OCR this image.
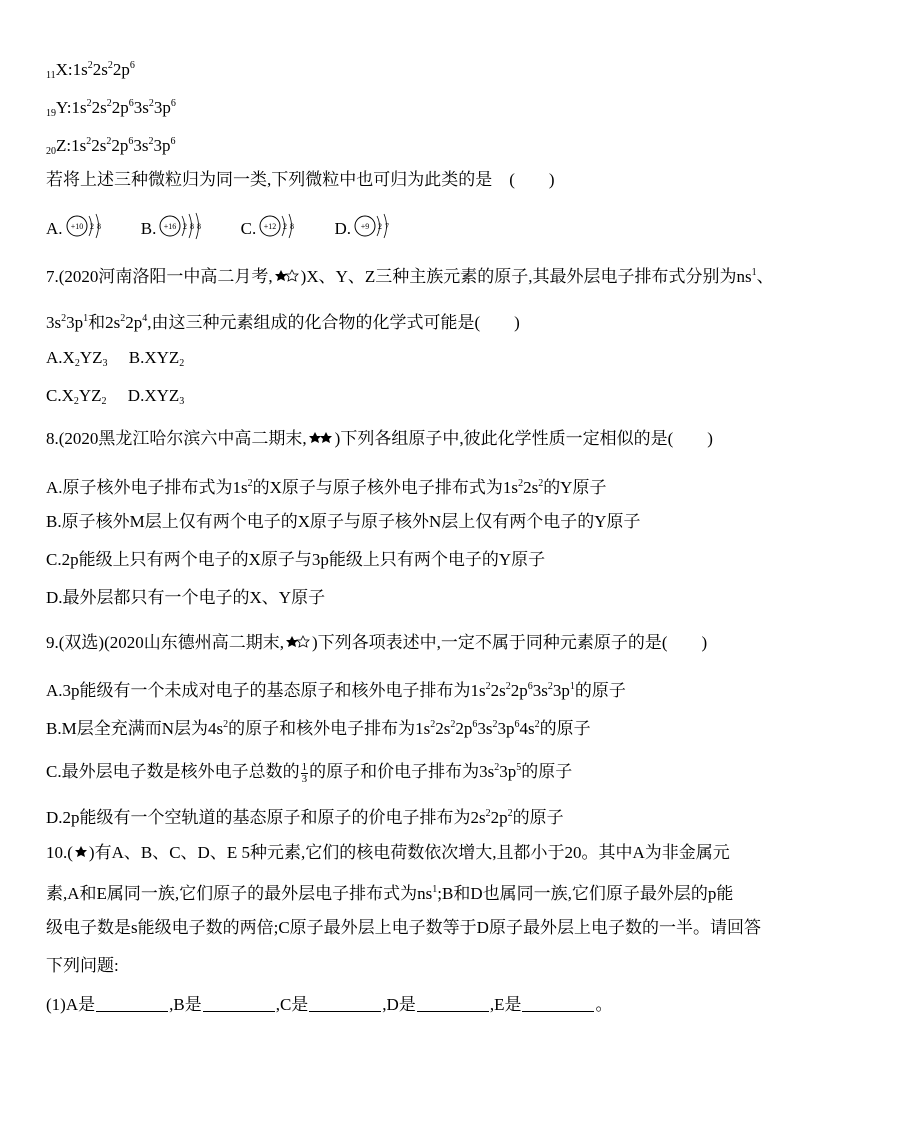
$_{11}X:1s^22s^22p^6$
$_{19}Y:1s^22s^22p^63s^23p^6$
$_{20}Z:1s^22s^22p^63s^23p^6$
若将上述三种微粒归为同一类,下列微粒中也可归为此类的是　(　　)
A. +10 2 8
B. +16 2 8 8
C. +12 2 8
D. +9 2 7
7.(2020河南洛阳一中高二月考, )X、Y、Z三种主族元素的原子,其最外层电子排布式分别为$ns^1$、
$3s^23p^1$和$2s^22p^4$,由这三种元素组成的化合物的化学式可能是(　　)
$A.X_2YZ_3$ $B.XYZ_2$
$C.X_2YZ_2$ $D.XYZ_3$
8.(2020黑龙江哈尔滨六中高二期末, )下列各组原子中,彼此化学性质一定相似的是(　　)
A.原子核外电子排布式为$1s^2$的X原子与原子核外电子排布式为$1s^22s^2$的Y原子
B.原子核外M层上仅有两个电子的X原子与原子核外N层上仅有两个电子的Y原子
C.2p能级上只有两个电子的X原子与3p能级上只有两个电子的Y原子
D.最外层都只有一个电子的X、Y原子
9.(双选)(2020山东德州高二期末, )下列各项表述中,一定不属于同种元素原子的是(　　)
A.3p能级有一个未成对电子的基态原子和核外电子排布为$1s^22s^22p^63s^23p^1$的原子
B.M层全充满而N层为$4s^2$的原子和核外电子排布为$1s^22s^22p^63s^23p^64s^2$的原子
C.最外层电子数是核外电子总数的 $\frac{1}{3}$ 的原子和价电子排布为$3s^23p^5$的原子
D.2p能级有一个空轨道的基态原子和原子的价电子排布为$2s^22p^2$的原子
10.( )有A、B、C、D、E 5种元素,它们的核电荷数依次增大,且都小于20。其中A为非金属元
素,A和E属同一族,它们原子的最外层电子排布式为$ns^1;B$和D也属同一族,它们原子最外层的p能
级电子数是s能级电子数的两倍;C原子最外层上电子数等于D原子最外层上电子数的一半。请回答
下列问题:
(1)A是	,B是	,C是	,D是	,E是	。
